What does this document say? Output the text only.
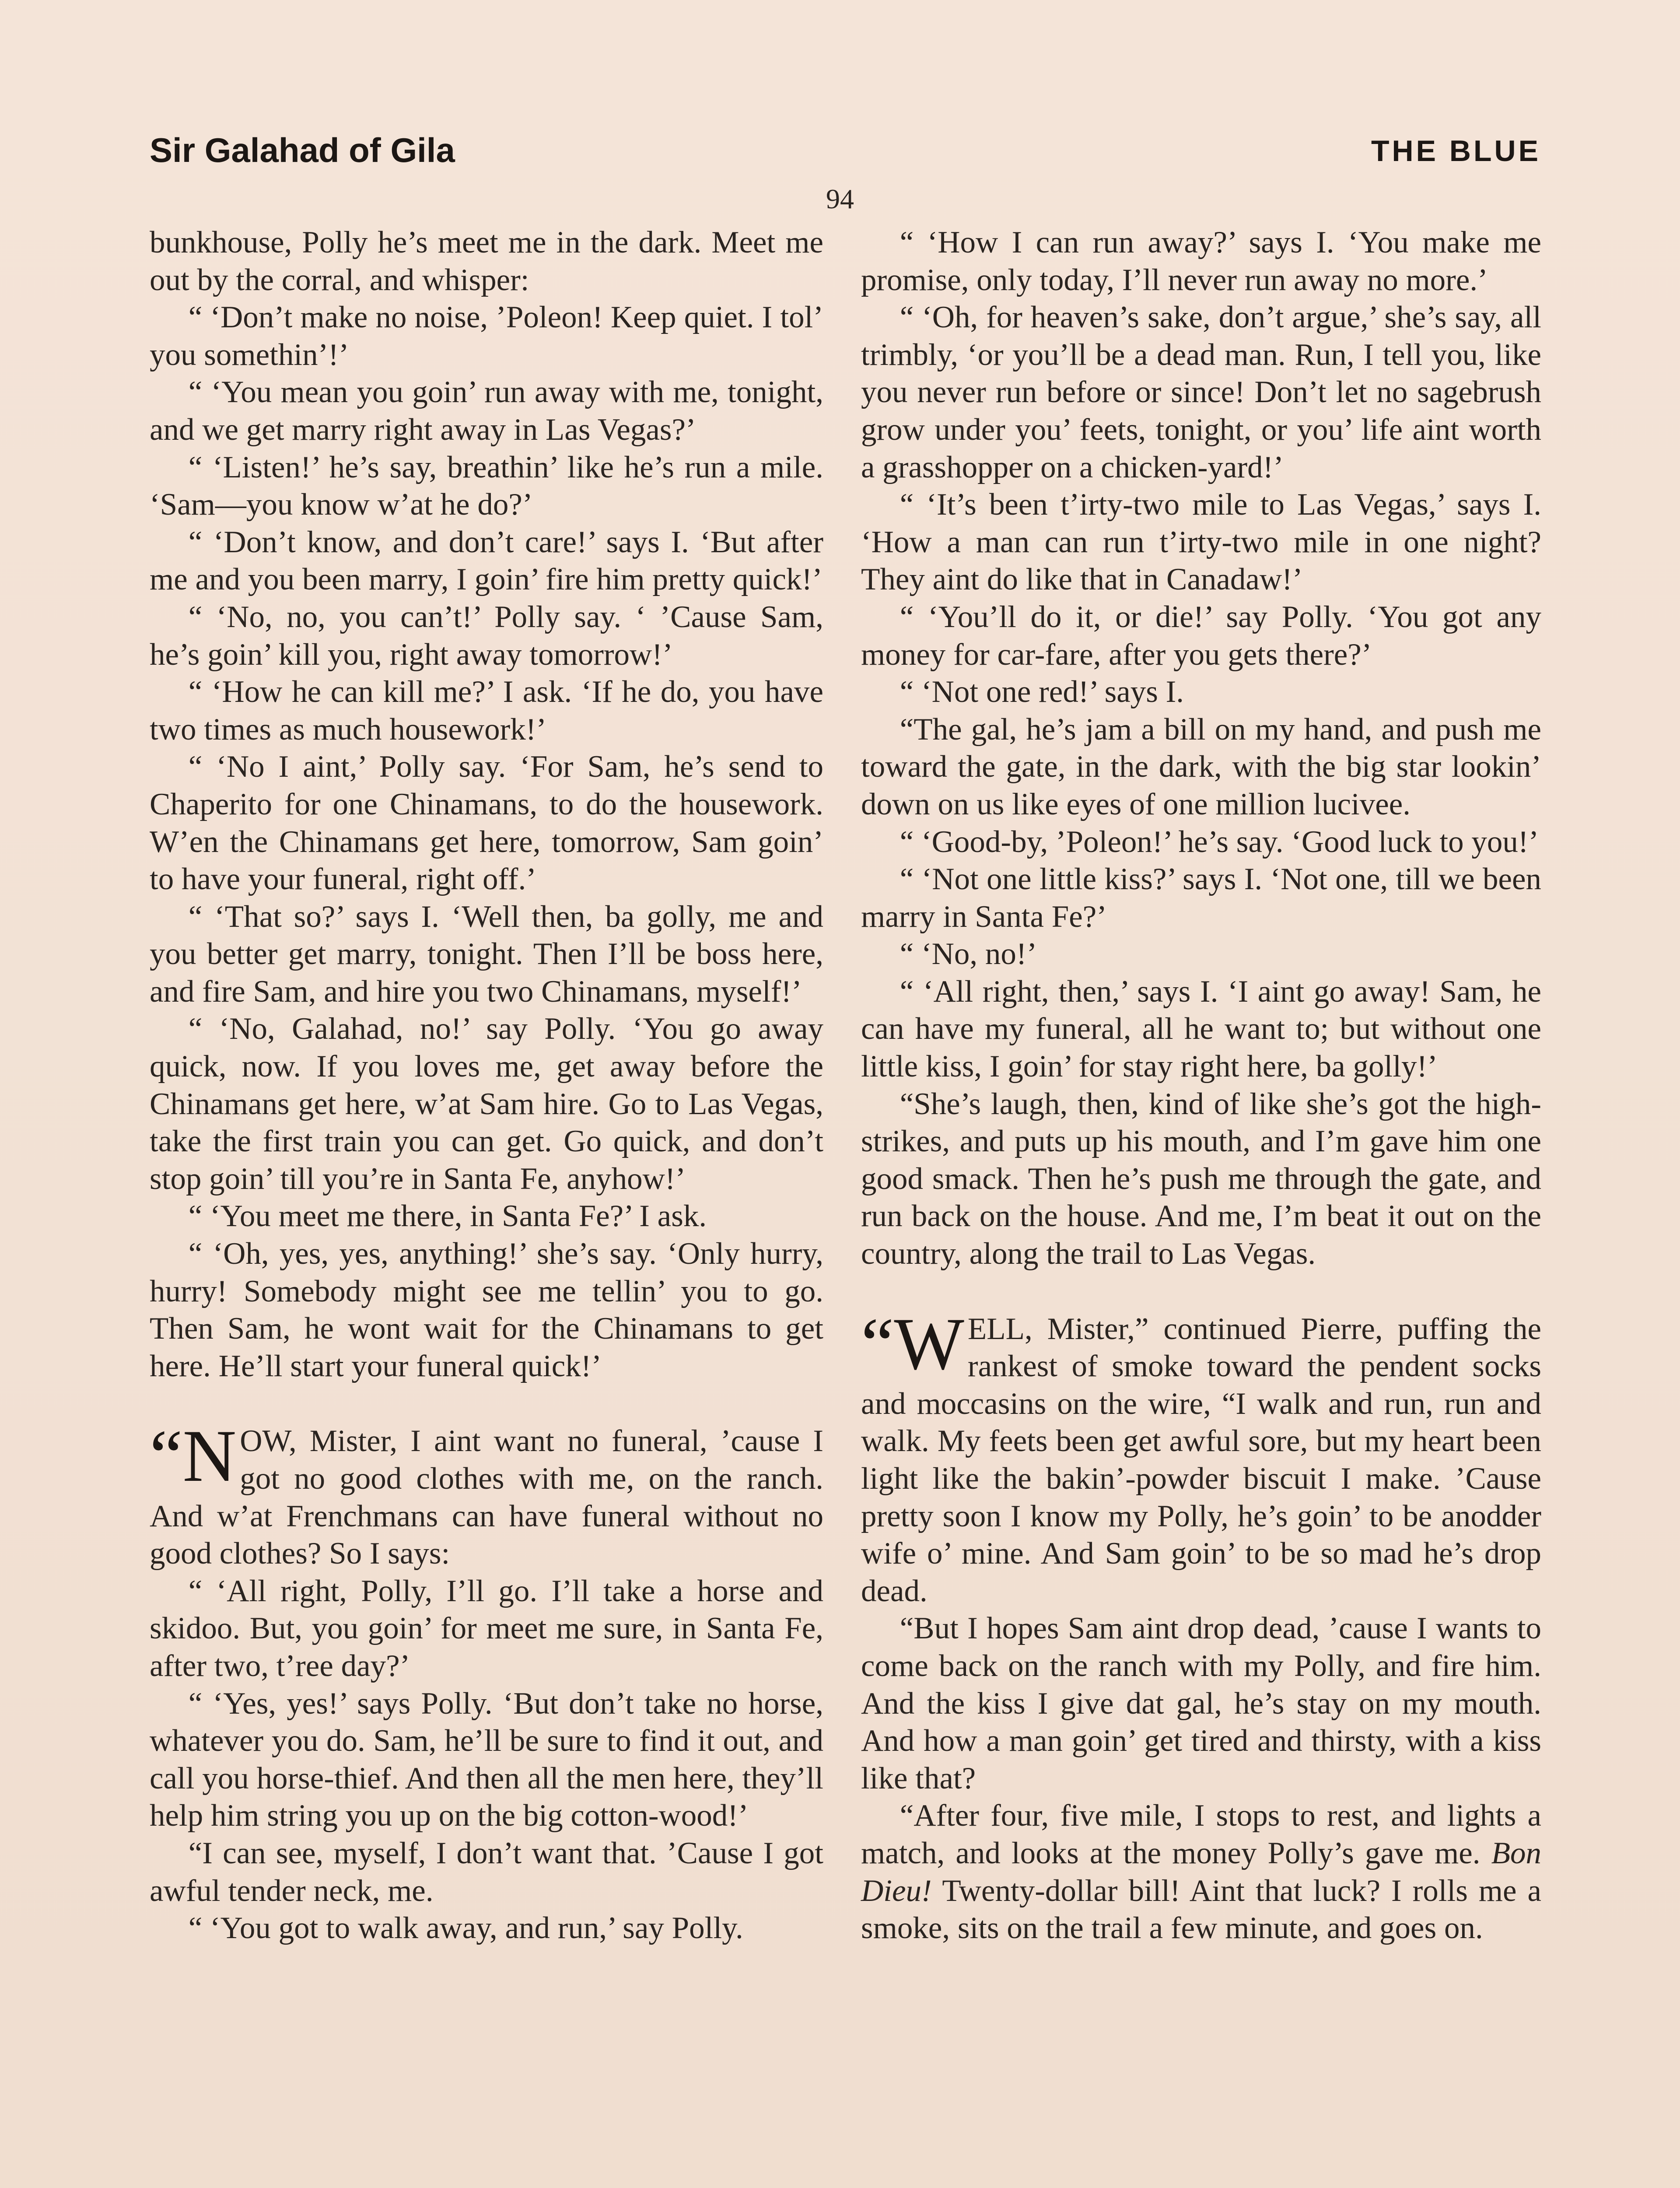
Sir Galahad of Gila	THE BLUE
94

bunkhouse, Polly he’s meet me in the dark. Meet me out by the corral, and whisper:

“ ‘Don’t make no noise, ’Poleon! Keep quiet. I tol’ you somethin’!’

“ ‘You mean you goin’ run away with me, tonight, and we get marry right away in Las Vegas?’

“ ‘Listen!’ he’s say, breathin’ like he’s run a mile. ‘Sam—you know w’at he do?’

“ ‘Don’t know, and don’t care!’ says I. ‘But after me and you been marry, I goin’ fire him pretty quick!’

“ ‘No, no, you can’t!’ Polly say. ‘ ’Cause Sam, he’s goin’ kill you, right away tomorrow!’

“ ‘How he can kill me?’ I ask. ‘If he do, you have two times as much housework!’

“ ‘No I aint,’ Polly say. ‘For Sam, he’s send to Chaperito for one Chinamans, to do the housework. W’en the Chinamans get here, tomorrow, Sam goin’ to have your funeral, right off.’

“ ‘That so?’ says I. ‘Well then, ba golly, me and you better get marry, tonight. Then I’ll be boss here, and fire Sam, and hire you two Chinamans, myself!’

“ ‘No, Galahad, no!’ say Polly. ‘You go away quick, now. If you loves me, get away before the Chinamans get here, w’at Sam hire. Go to Las Vegas, take the first train you can get. Go quick, and don’t stop goin’ till you’re in Santa Fe, anyhow!’

“ ‘You meet me there, in Santa Fe?’ I ask.

“ ‘Oh, yes, yes, anything!’ she’s say. ‘Only hurry, hurry! Somebody might see me tellin’ you to go. Then Sam, he wont wait for the Chinamans to get here. He’ll start your funeral quick!’

“NOW, Mister, I aint want no funeral, ’cause I got no good clothes with me, on the ranch. And w’at Frenchmans can have funeral without no good clothes? So I says:

“ ‘All right, Polly, I’ll go. I’ll take a horse and skidoo. But, you goin’ for meet me sure, in Santa Fe, after two, t’ree day?’

“ ‘Yes, yes!’ says Polly. ‘But don’t take no horse, whatever you do. Sam, he’ll be sure to find it out, and call you horse-thief. And then all the men here, they’ll help him string you up on the big cotton-wood!’

“I can see, myself, I don’t want that. ’Cause I got awful tender neck, me.

“ ‘You got to walk away, and run,’ say Polly.

“ ‘How I can run away?’ says I. ‘You make me promise, only today, I’ll never run away no more.’

“ ‘Oh, for heaven’s sake, don’t argue,’ she’s say, all trimbly, ‘or you’ll be a dead man. Run, I tell you, like you never run before or since! Don’t let no sagebrush grow under you’ feets, tonight, or you’ life aint worth a grasshopper on a chicken-yard!’

“ ‘It’s been t’irty-two mile to Las Vegas,’ says I. ‘How a man can run t’irty-two mile in one night? They aint do like that in Canadaw!’

“ ‘You’ll do it, or die!’ say Polly. ‘You got any money for car-fare, after you gets there?’

“ ‘Not one red!’ says I.

“The gal, he’s jam a bill on my hand, and push me toward the gate, in the dark, with the big star lookin’ down on us like eyes of one million lucivee.

“ ‘Good-by, ’Poleon!’ he’s say. ‘Good luck to you!’

“ ‘Not one little kiss?’ says I. ‘Not one, till we been marry in Santa Fe?’

“ ‘No, no!’

“ ‘All right, then,’ says I. ‘I aint go away! Sam, he can have my funeral, all he want to; but without one little kiss, I goin’ for stay right here, ba golly!’

“She’s laugh, then, kind of like she’s got the high-strikes, and puts up his mouth, and I’m gave him one good smack. Then he’s push me through the gate, and run back on the house. And me, I’m beat it out on the country, along the trail to Las Vegas.

“WELL, Mister,” continued Pierre, puffing the rankest of smoke toward the pendent socks and moccasins on the wire, “I walk and run, run and walk. My feets been get awful sore, but my heart been light like the bakin’-powder biscuit I make. ’Cause pretty soon I know my Polly, he’s goin’ to be anodder wife o’ mine. And Sam goin’ to be so mad he’s drop dead.

“But I hopes Sam aint drop dead, ’cause I wants to come back on the ranch with my Polly, and fire him. And the kiss I give dat gal, he’s stay on my mouth. And how a man goin’ get tired and thirsty, with a kiss like that?

“After four, five mile, I stops to rest, and lights a match, and looks at the money Polly’s gave me. Bon Dieu! Twenty-dollar bill! Aint that luck? I rolls me a smoke, sits on the trail a few minute, and goes on.
